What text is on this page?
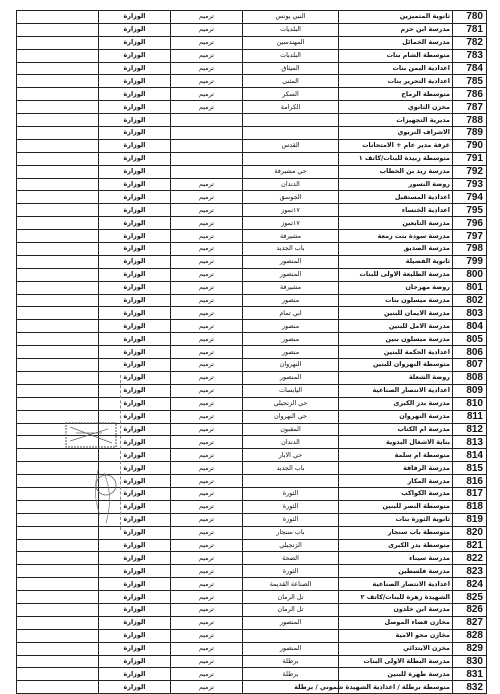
780	ثانوية المتميزين	النبي يونس	ترميم	الوزارة	
781	مدرسة ابن حزم	البلديات	ترميم	الوزارة	
782	مدرسة الخمائل	المهندسين	ترميم	الوزارة	
783	متوسطة الشام بنات	البلديات	ترميم	الوزارة	
784	اعدادية اليمن بنات	الميثاق	ترميم	الوزارة	
785	اعدادية التحرير بنات	المثنى	ترميم	الوزارة	
786	متوسطة الرماح	السكر	ترميم	الوزارة	
787	مخزن الثانوي	الكرامة	ترميم	الوزارة	
788	مديرية التجهيزات			الوزارة	
789	الاشراف التربوي			الوزارة	
790	غرفة مدير عام + الامتحانات	القدس		الوزارة	
791	متوسطة زبيدة للبنات/كاتف ١			الوزارة	
792	مدرسة زيد بن الخطاب	حي مشيرفة		الوزارة	
793	روضة النسور	الدندان	ترميم	الوزارة	
794	اعدادية المستقبل	الجوسق	ترميم	الوزارة	
795	اعدادية الخنساء	١٧تموز	ترميم	الوزارة	
796	مدرسة التابعين	١٧تموز	ترميم	الوزارة	
797	مدرسة سودة بنت زمعة	مشيرفة	ترميم	الوزارة	
798	مدرسة الصديق	باب الجديد	ترميم	الوزارة	
799	ثانوية الفضيلة	المنصور	ترميم	الوزارة	
800	مدرسة الطليعة الاولى للبنات	المنصور	ترميم	الوزارة	
801	روضة مهرجان	مشيرفة	ترميم	الوزارة	
802	مدرسة ميسلون بنات	منصور	ترميم	الوزارة	
803	مدرسة الايمان للبنين	ابي تمام	ترميم	الوزارة	
804	مدرسة الامل للبنين	منصور	ترميم	الوزارة	
805	مدرسة ميسلون بنين	منصور	ترميم	الوزارة	
806	اعدادية الحكمة للبنين	منصور	ترميم	الوزارة	
807	متوسطة النهروان للبنين	النهروان	ترميم	الوزارة	
808	روضة الشعلة	المنصور	ترميم	الوزارة	
809	اعدادية الانتصار الصناعية	اليابسات	ترميم	الوزارة	
810	مدرسة بدر الكبرى	حي الزنجيلي	ترميم	الوزارة	
811	مدرسة النهروان	حي النهروان	ترميم	الوزارة	
812	مدرسة ام الكتاب	المقبون	ترميم	الوزارة	
813	بناية الاشغال البدوية	الدندان	ترميم	الوزارة	
814	متوسطة ام سلمة	حي الابار	ترميم	الوزارة	
815	مدرسة الرفاقة	باب الجديد	ترميم	الوزارة	
816	مدرسة المكار		ترميم	الوزارة	
817	مدرسة الكواكب	الثورة	ترميم	الوزارة	
818	متوسطة النصر للبنين	الثورة	ترميم	الوزارة	
819	ثانوية الثورة بنات	الثورة	ترميم	الوزارة	
820	متوسطة باب سنجار	باب سنجار	ترميم	الوزارة	
821	متوسطة بدر الكبرى	الزنجيلي	ترميم	الوزارة	
822	مدرسة سيناء	الصحة	ترميم	الوزارة	
823	مدرسة فلسطين	الثورة	ترميم	الوزارة	
824	اعدادية الانتصار الصناعية	الصناعة القديمة	ترميم	الوزارة	
825	الشهيدة زهرة للبنات/كاتف ٢	تل الرمان	ترميم	الوزارة	
826	مدرسة ابن خلدون	تل الرمان	ترميم	الوزارة	
827	مخازن قضاء الموصل	المنصور	ترميم	الوزارة	
828	مخازن محو الامية		ترميم	الوزارة	
829	مخزن الابتدائي	المنصور	ترميم	الوزارة	
830	مدرسة البطلة الاولى البنات	برطلة	ترميم	الوزارة	
831	مدرسة طهرة للبنين	برطلة	ترميم	الوزارة	
832	متوسطة برطلة / اعدادية الشهيدة شموني / برطلة		ترميم	الوزارة	
